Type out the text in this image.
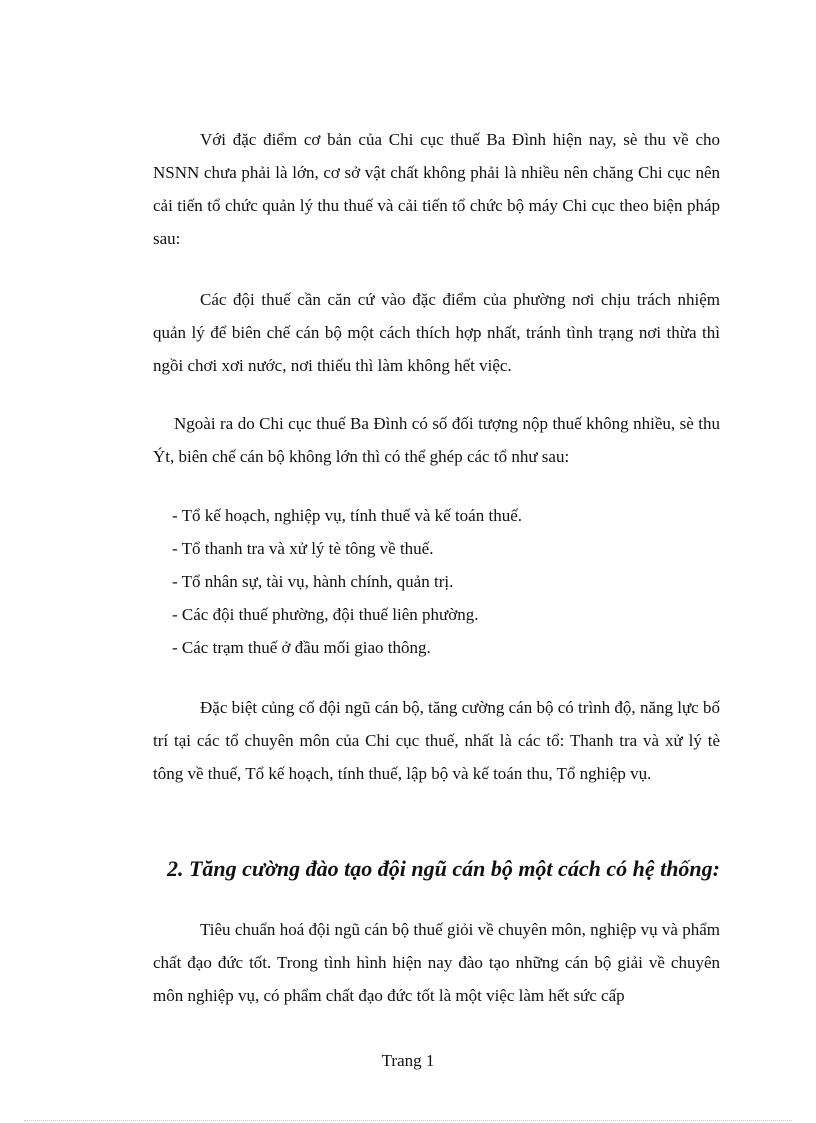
Với đặc điểm cơ bản của Chi cục thuế Ba Đình hiện nay, sè thu về cho NSNN chưa phải là lớn, cơ sở vật chất không phải là nhiều nên chăng Chi cục nên cải tiến tổ chức quản lý thu thuế và cải tiến tổ chức bộ máy Chi cục theo biện pháp sau:

Các đội thuế cần căn cứ vào đặc điểm của phường nơi chịu trách nhiệm quản lý để biên chế cán bộ một cách thích hợp nhất, tránh tình trạng nơi thừa thì ngồi chơi xơi nước, nơi thiếu thì làm không hết việc.

Ngoài ra do Chi cục thuế Ba Đình có số đối tượng nộp thuế không nhiều, sè thu Ýt, biên chế cán bộ không lớn thì có thể ghép các tổ như sau:

- Tổ kế hoạch, nghiệp vụ, tính thuế và kế toán thuế.
- Tổ thanh tra và xử lý tè tông về thuế.
- Tổ nhân sự, tài vụ, hành chính, quản trị.
- Các đội thuế phường, đội thuế liên phường.
- Các trạm thuế ở đầu mối giao thông.

Đặc biệt củng cố đội ngũ cán bộ, tăng cường cán bộ có trình độ, năng lực bố trí tại các tổ chuyên môn của Chi cục thuế, nhất là các tổ: Thanh tra và xử lý tè tông về thuế, Tổ kế hoạch, tính thuế, lập bộ và kế toán thu, Tổ nghiệp vụ.

2. Tăng cường đào tạo đội ngũ cán bộ một cách có hệ thống:

Tiêu chuẩn hoá đội ngũ cán bộ thuế giỏi về chuyên môn, nghiệp vụ và phẩm chất đạo đức tốt. Trong tình hình hiện nay đào tạo những cán bộ giải về chuyên môn nghiệp vụ, có phẩm chất đạo đức tốt là một việc làm hết sức cấp

Trang 1
